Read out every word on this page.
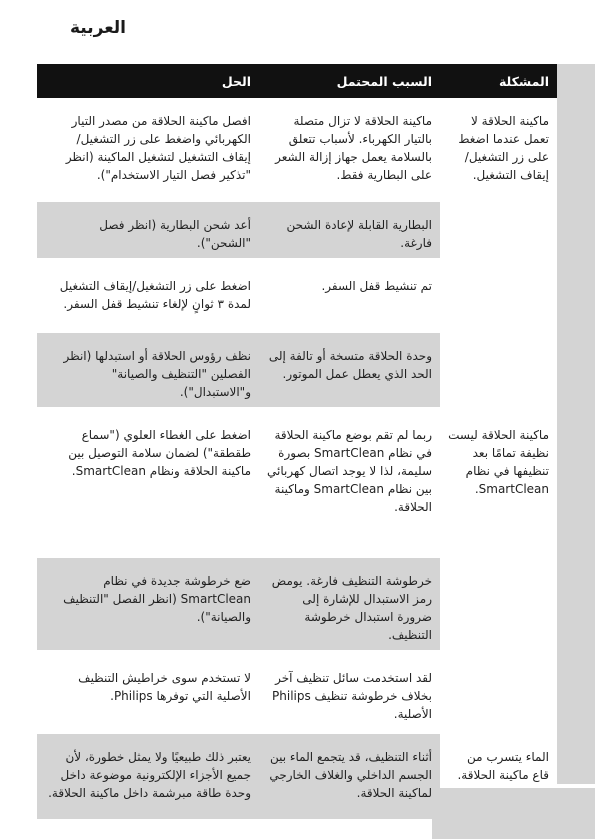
العربية
المشكلة	السبب المحتمل	الحل
ماكينة الحلاقة لا تعمل عندما اضغط على زر التشغيل/إيقاف التشغيل.	ماكينة الحلاقة لا تزال متصلة بالتيار الكهرباء. لأسباب تتعلق بالسلامة يعمل جهاز إزالة الشعر على البطارية فقط.	افصل ماكينة الحلاقة من مصدر التيار الكهربائي واضغط على زر التشغيل/ إيقاف التشغيل لتشغيل الماكينة (انظر "تذكير فصل التيار الاستخدام").
	البطارية القابلة لإعادة الشحن فارغة.	أعد شحن البطارية (انظر فصل "الشحن").
	تم تنشيط قفل السفر.	اضغط على زر التشغيل/إيقاف التشغيل لمدة ٣ ثوانٍ لإلغاء تنشيط قفل السفر.
	وحدة الحلاقة متسخة أو تالفة إلى الحد الذي يعطل عمل الموتور.	نظف رؤوس الحلاقة أو استبدلها (انظر الفصلين "التنظيف والصيانة" و"الاستبدال").
ماكينة الحلاقة ليست نظيفة تمامًا بعد تنظيفها في نظام SmartClean.	ربما لم تقم بوضع ماكينة الحلاقة في نظام SmartClean بصورة سليمة، لذا لا يوجد اتصال كهربائي بين نظام SmartClean وماكينة الحلاقة.	اضغط على الغطاء العلوي ("سماع طقطقة") لضمان سلامة التوصيل بين ماكينة الحلاقة ونظام SmartClean.
	خرطوشة التنظيف فارغة. يومض رمز الاستبدال للإشارة إلى ضرورة استبدال خرطوشة التنظيف.	ضع خرطوشة جديدة في نظام SmartClean (انظر الفصل "التنظيف والصيانة").
	لقد استخدمت سائل تنظيف آخر بخلاف خرطوشة تنظيف Philips الأصلية.	لا تستخدم سوى خراطيش التنظيف الأصلية التي توفرها Philips.
الماء يتسرب من قاع ماكينة الحلاقة.	أثناء التنظيف، قد يتجمع الماء بين الجسم الداخلي والغلاف الخارجي لماكينة الحلاقة.	يعتبر ذلك طبيعيًا ولا يمثل خطورة، لأن جميع الأجزاء الإلكترونية موضوعة داخل وحدة طاقة مبرشمة داخل ماكينة الحلاقة.
